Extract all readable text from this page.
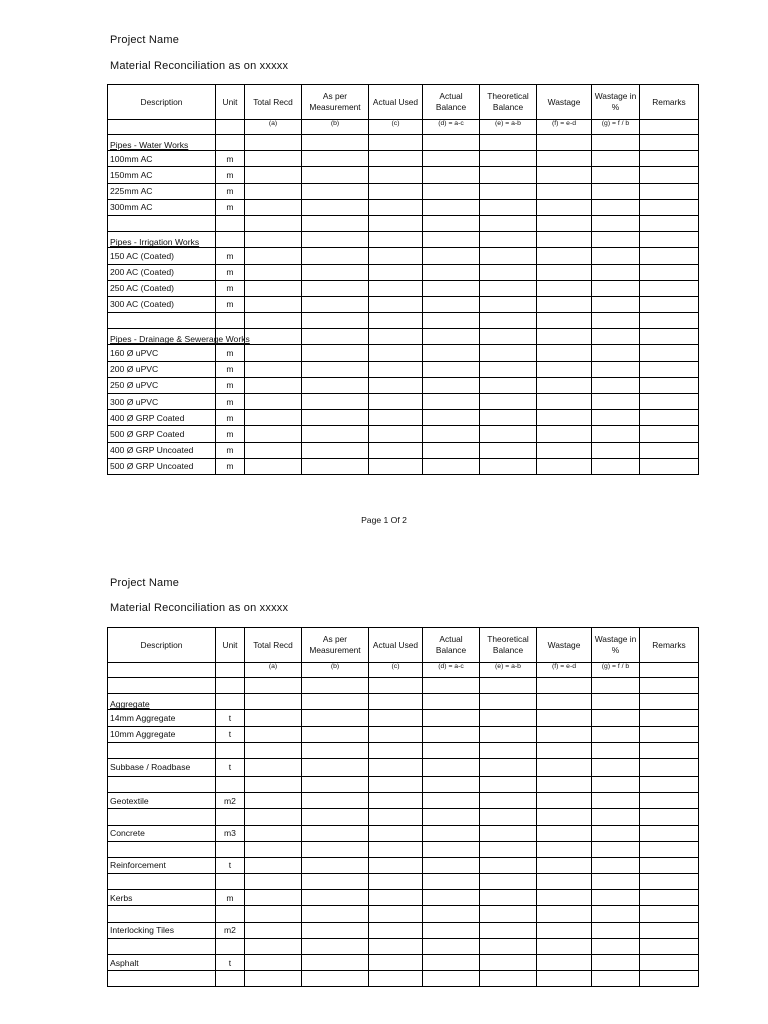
Project Name
Material Reconciliation as on xxxxx
Description	Unit	Total Recd	As per Measurement	Actual Used	Actual Balance	Theoretical Balance	Wastage	Wastage in %	Remarks
		(a)	(b)	(c)	(d) = a-c	(e) = a-b	(f) = e-d	(g) = f / b	
Pipes - Water Works									
100mm AC	m								
150mm AC	m								
225mm AC	m								
300mm AC	m								

Pipes - Irrigation Works									
150 AC (Coated)	m								
200 AC (Coated)	m								
250 AC (Coated)	m								
300 AC (Coated)	m								

Pipes - Drainage & Sewerage Works									
160 Ø uPVC	m								
200 Ø uPVC	m								
250 Ø uPVC	m								
300 Ø uPVC	m								
400 Ø GRP Coated	m								
500 Ø GRP Coated	m								
400 Ø GRP Uncoated	m								
500 Ø GRP Uncoated	m								
Page 1 Of 2
Project Name
Material Reconciliation as on xxxxx
Description	Unit	Total Recd	As per Measurement	Actual Used	Actual Balance	Theoretical Balance	Wastage	Wastage in %	Remarks
		(a)	(b)	(c)	(d) = a-c	(e) = a-b	(f) = e-d	(g) = f / b	

Aggregate									
14mm Aggregate	t								
10mm Aggregate	t								

Subbase / Roadbase	t								

Geotextile	m2								

Concrete	m3								

Reinforcement	t								

Kerbs	m								

Interlocking Tiles	m2								

Asphalt	t								
